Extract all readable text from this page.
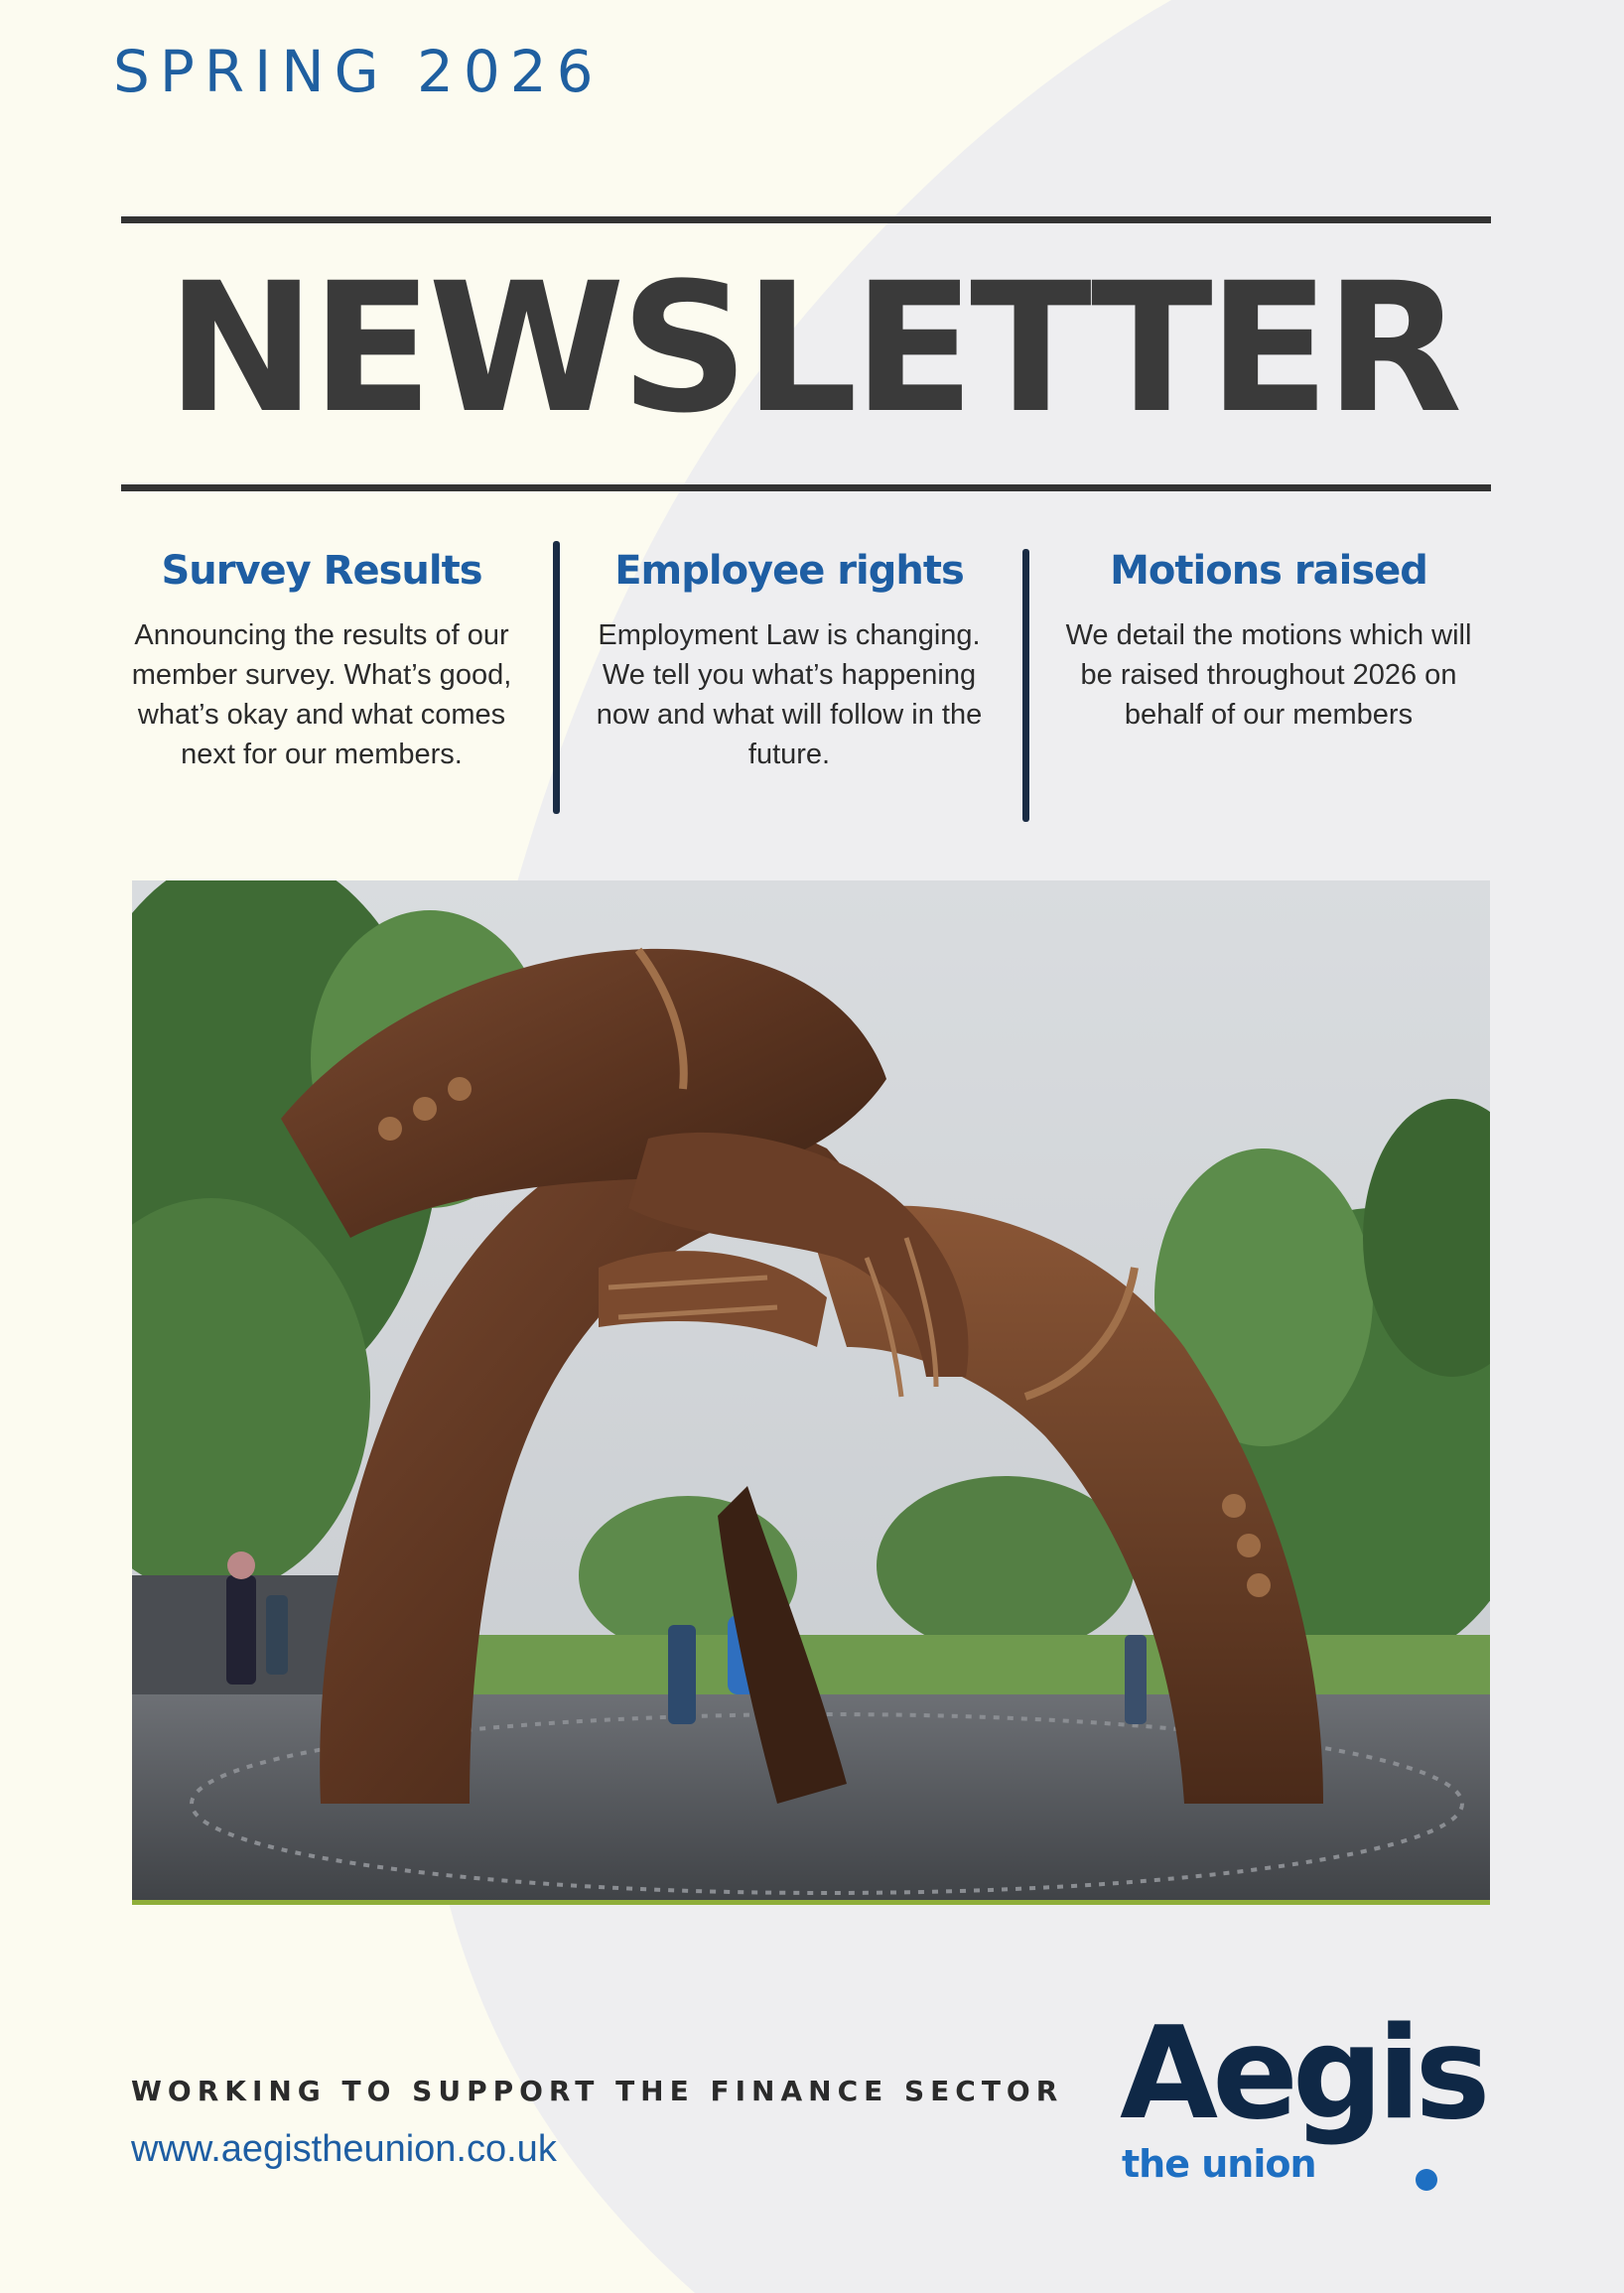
SPRING 2026
NEWSLETTER
Survey Results

Announcing the results of our member survey. What’s good, what’s okay and what comes next for our members.

Employee rights

Employment Law is changing. We tell you what’s happening now and what will follow in the future.

Motions raised

We detail the motions which will be raised throughout 2026 on behalf of our members

WORKING TO SUPPORT THE FINANCE SECTOR
www.aegistheunion.co.uk
Aegis
the union
